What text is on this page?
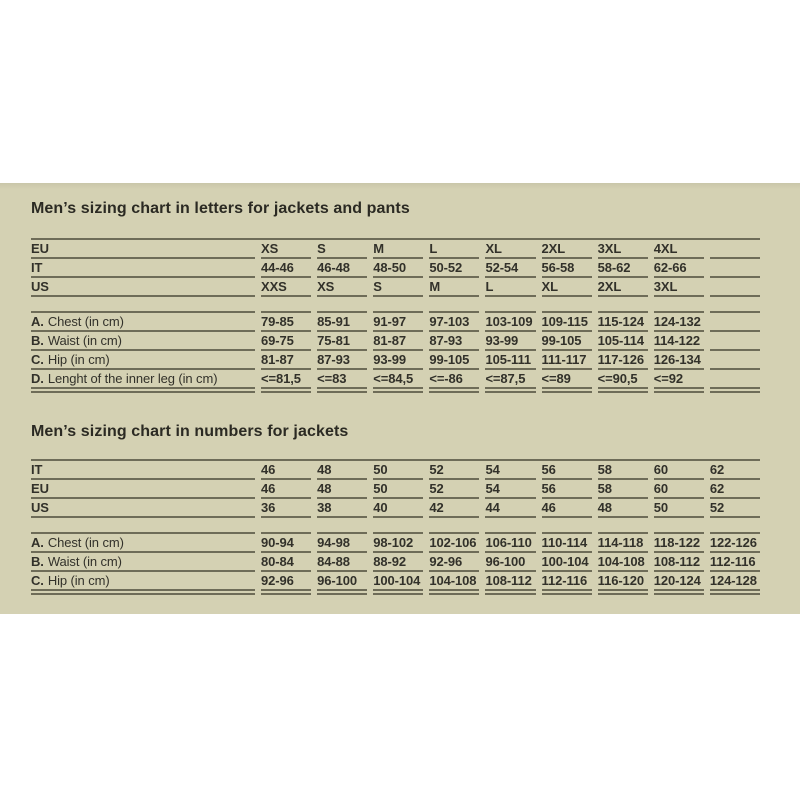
Men’s sizing chart in letters for jackets and pants
EU	XS	S	M	L	XL	2XL	3XL	4XL
IT	44-46	46-48	48-50	50-52	52-54	56-58	58-62	62-66
US	XXS	XS	S	M	L	XL	2XL	3XL
A. Chest (in cm)	79-85	85-91	91-97	97-103	103-109 109-115 115-124 124-132
B. Waist (in cm)	69-75	75-81	81-87	87-93	93-99	99-105	105-114 114-122
C. Hip (in cm)	81-87	87-93	93-99	99-105	105-111 111-117 117-126 126-134
D. Lenght of the inner leg (in cm)	<=81,5	<=83	<=84,5	<=-86	<=87,5	<=89	<=90,5	<=92
Men’s sizing chart in numbers for jackets
IT	46	48	50	52	54	56	58	60	62
EU	46	48	50	52	54	56	58	60	62
US	36	38	40	42	44	46	48	50	52
A. Chest (in cm)	90-94	94-98	98-102	102-106 106-110 110-114 114-118 118-122 122-126
B. Waist (in cm)	80-84	84-88	88-92	92-96	96-100	100-104 104-108 108-112 112-116
C. Hip (in cm)	92-96	96-100	100-104 104-108 108-112 112-116 116-120 120-124 124-128
